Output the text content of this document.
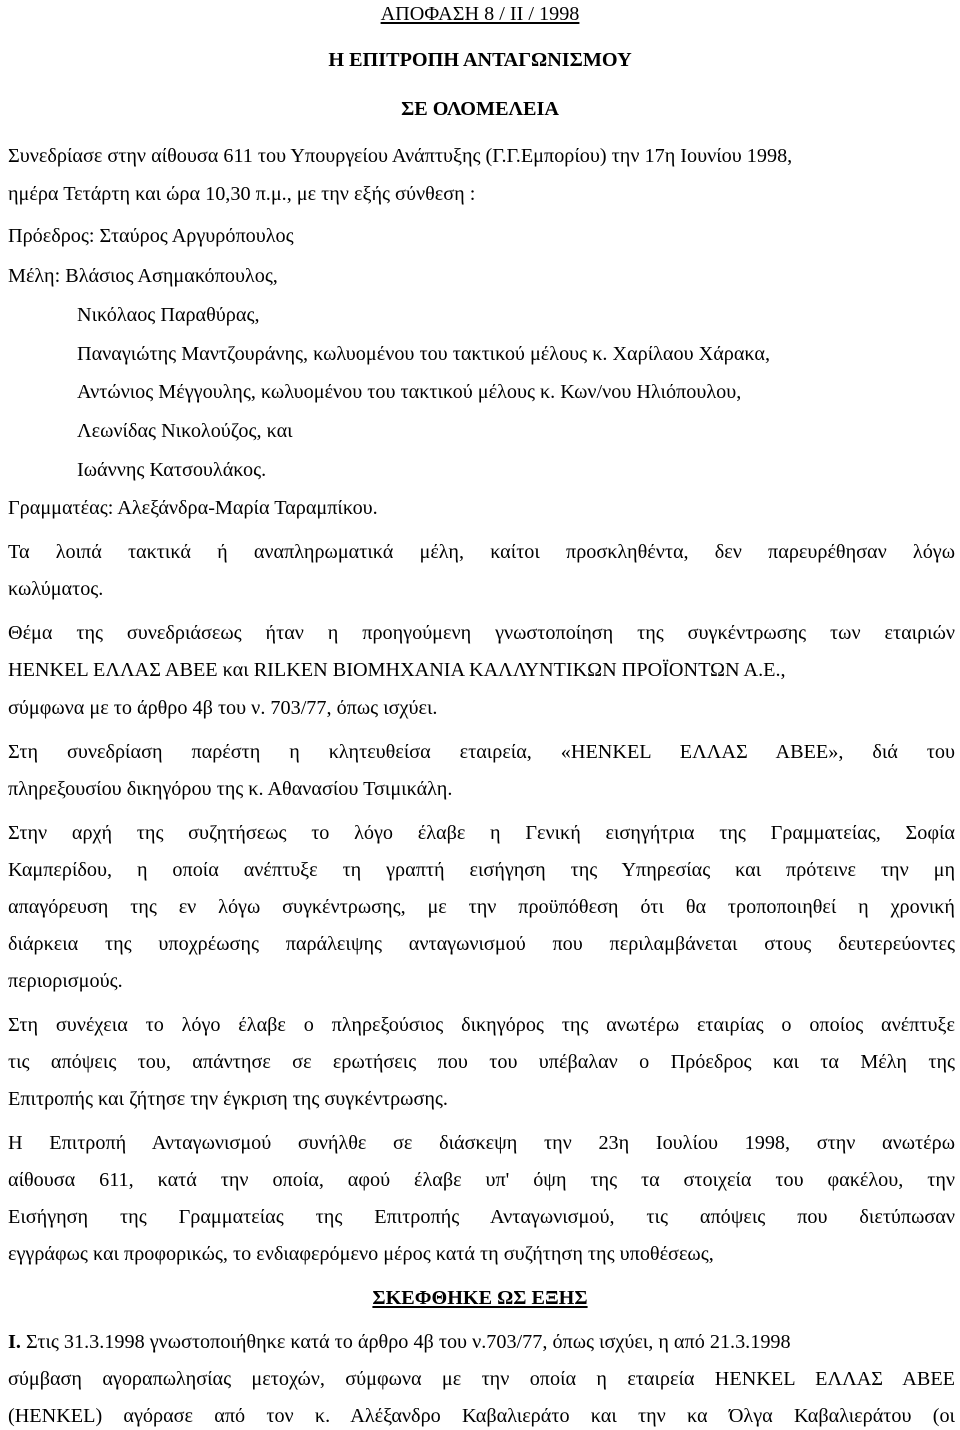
ΑΠΟΦΑΣΗ 8 / ΙΙ / 1998
Η ΕΠΙΤΡΟΠΗ ΑΝΤΑΓΩΝΙΣΜΟΥ
ΣΕ ΟΛΟΜΕΛΕΙΑ
Συνεδρίασε στην αίθουσα 611 του Υπουργείου Ανάπτυξης (Γ.Γ.Εμπορίου) την 17η Ιουνίου 1998,
ημέρα Τετάρτη και ώρα 10,30 π.μ., με την εξής σύνθεση :
Πρόεδρος: Σταύρος Αργυρόπουλος
Μέλη: Βλάσιος Ασημακόπουλος,
Νικόλαος Παραθύρας,
Παναγιώτης Μαντζουράνης, κωλυομένου του τακτικού μέλους κ. Χαρίλαου Χάρακα,
Αντώνιος Μέγγουλης, κωλυομένου του τακτικού μέλους κ. Κων/νου Ηλιόπουλου,
Λεωνίδας Νικολούζος, και
Ιωάννης Κατσουλάκος.
Γραμματέας: Αλεξάνδρα-Μαρία Ταραμπίκου.
Τα λοιπά τακτικά ή αναπληρωματικά μέλη, καίτοι προσκληθέντα, δεν παρευρέθησαν λόγω
κωλύματος.
Θέμα της συνεδριάσεως ήταν η προηγούμενη γνωστοποίηση της συγκέντρωσης των εταιριών
HENKEL ΕΛΛΑΣ ΑΒΕΕ και RILKEN ΒΙΟΜΗΧΑΝΙΑ ΚΑΛΛΥΝΤΙΚΩΝ ΠΡΟΪΟΝΤΩΝ Α.Ε.,
σύμφωνα με το άρθρο 4β του ν. 703/77, όπως ισχύει.
Στη συνεδρίαση παρέστη η κλητευθείσα εταιρεία, «HENKEL ΕΛΛΑΣ ΑΒΕΕ», διά του
πληρεξουσίου δικηγόρου της κ. Αθανασίου Τσιμικάλη.
Στην αρχή της συζητήσεως το λόγο έλαβε η Γενική εισηγήτρια της Γραμματείας, Σοφία
Καμπερίδου, η οποία ανέπτυξε τη γραπτή εισήγηση της Υπηρεσίας και πρότεινε την μη
απαγόρευση της εν λόγω συγκέντρωσης, με την προϋπόθεση ότι θα τροποποιηθεί η χρονική
διάρκεια της υποχρέωσης παράλειψης ανταγωνισμού που περιλαμβάνεται στους δευτερεύοντες
περιορισμούς.
Στη συνέχεια το λόγο έλαβε ο πληρεξούσιος δικηγόρος της ανωτέρω εταιρίας ο οποίος ανέπτυξε
τις απόψεις του, απάντησε σε ερωτήσεις που του υπέβαλαν ο Πρόεδρος και τα Μέλη της
Επιτροπής και ζήτησε την έγκριση της συγκέντρωσης.
Η Επιτροπή Ανταγωνισμού συνήλθε σε διάσκεψη την 23η Ιουλίου 1998, στην ανωτέρω
αίθουσα 611, κατά την οποία, αφού έλαβε υπ' όψη της τα στοιχεία του φακέλου, την
Εισήγηση της Γραμματείας της Επιτροπής Ανταγωνισμού, τις απόψεις που διετύπωσαν
εγγράφως και προφορικώς, το ενδιαφερόμενο μέρος κατά τη συζήτηση της υποθέσεως,
ΣΚΕΦΘΗΚΕ ΩΣ ΕΞΗΣ
Ι. Στις 31.3.1998 γνωστοποιήθηκε κατά το άρθρο 4β του ν.703/77, όπως ισχύει, η από 21.3.1998
σύμβαση αγοραπωλησίας μετοχών, σύμφωνα με την οποία η εταιρεία HENKEL ΕΛΛΑΣ ΑΒΕΕ
(HENKEL) αγόρασε από τον κ. Αλέξανδρο Καβαλιεράτο και την κα Όλγα Καβαλιεράτου (οι
